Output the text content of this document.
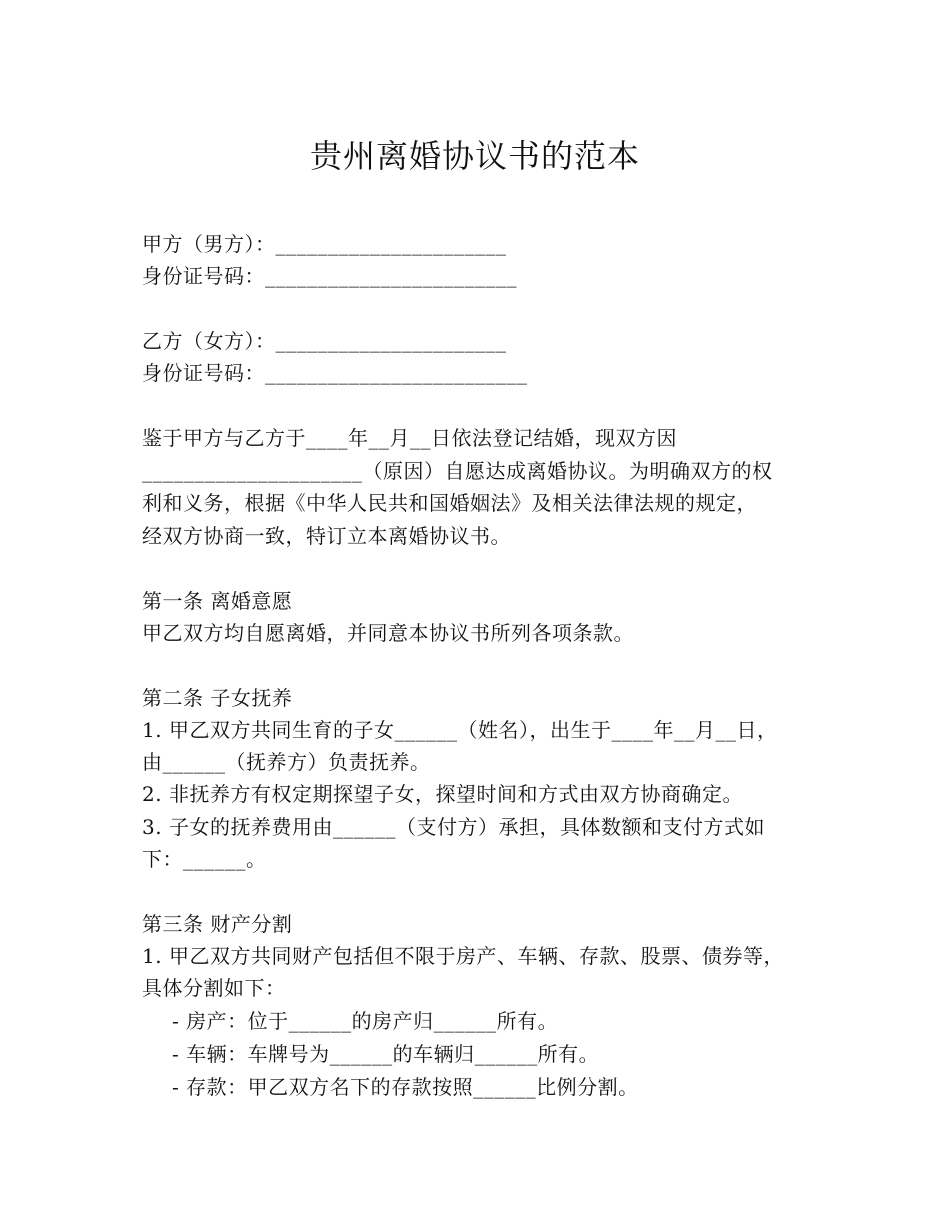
贵州离婚协议书的范本
甲方（男方）：______________________
身份证号码：________________________
乙方（女方）：______________________
身份证号码：_________________________
鉴于甲方与乙方于____年__月__日依法登记结婚，现双方因
_____________________（原因）自愿达成离婚协议。为明确双方的权
利和义务，根据《中华人民共和国婚姻法》及相关法律法规的规定，
经双方协商一致，特订立本离婚协议书。
第一条 离婚意愿
甲乙双方均自愿离婚，并同意本协议书所列各项条款。
第二条 子女抚养
1. 甲乙双方共同生育的子女______（姓名），出生于____年__月__日，
由______（抚养方）负责抚养。
2. 非抚养方有权定期探望子女，探望时间和方式由双方协商确定。
3. 子女的抚养费用由______（支付方）承担，具体数额和支付方式如
下：______。
第三条 财产分割
1. 甲乙双方共同财产包括但不限于房产、车辆、存款、股票、债券等，
具体分割如下：
- 房产：位于______的房产归______所有。
- 车辆：车牌号为______的车辆归______所有。
- 存款：甲乙双方名下的存款按照______比例分割。
